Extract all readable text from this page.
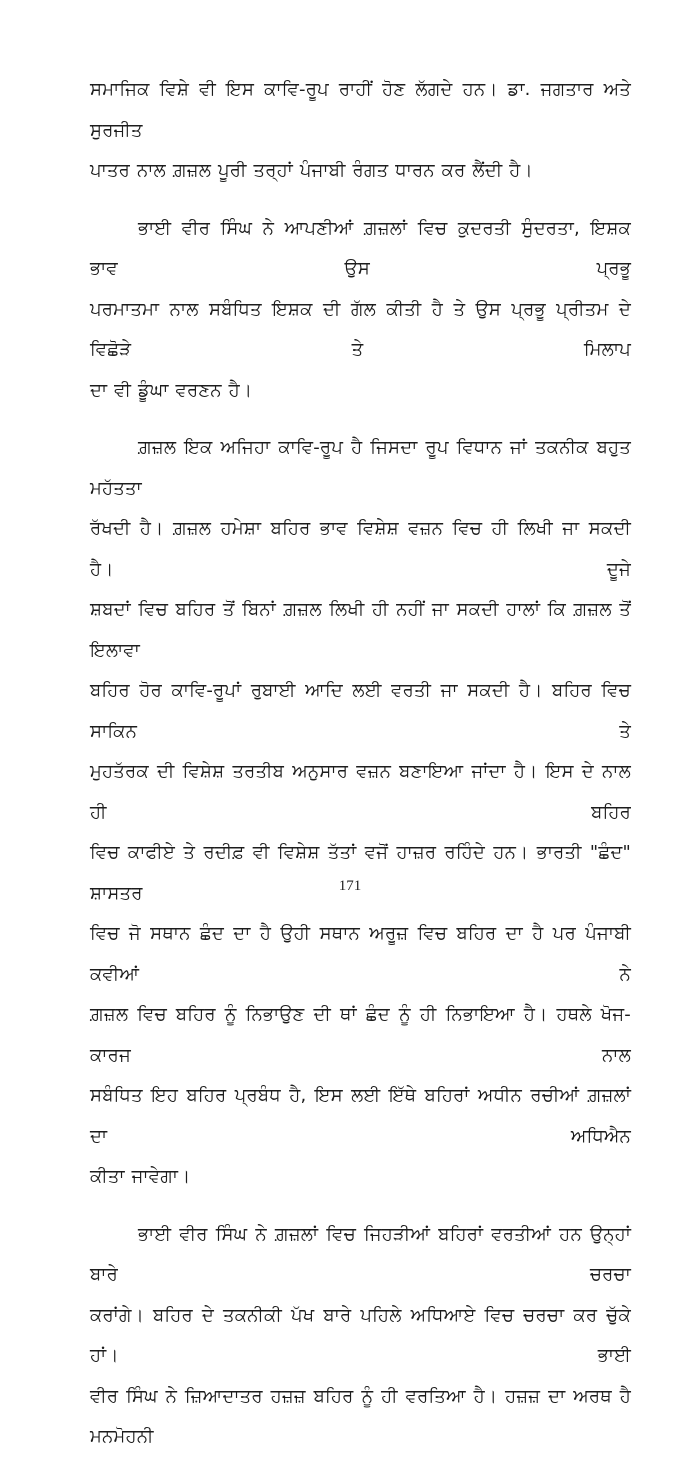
ਸਮਾਜਿਕ ਵਿਸ਼ੇ ਵੀ ਇਸ ਕਾਵਿ-ਰੂਪ ਰਾਹੀਂ ਹੋਣ ਲੱਗਦੇ ਹਨ। ਡਾ. ਜਗਤਾਰ ਅਤੇ ਸੁਰਜੀਤ
ਪਾਤਰ ਨਾਲ ਗ਼ਜ਼ਲ ਪੂਰੀ ਤਰ੍ਹਾਂ ਪੰਜਾਬੀ ਰੰਗਤ ਧਾਰਨ ਕਰ ਲੈਂਦੀ ਹੈ।
ਭਾਈ ਵੀਰ ਸਿੰਘ ਨੇ ਆਪਣੀਆਂ ਗ਼ਜ਼ਲਾਂ ਵਿਚ ਕੁਦਰਤੀ ਸੁੰਦਰਤਾ, ਇਸ਼ਕ ਭਾਵ ਉਸ ਪ੍ਰਭੂ
ਪਰਮਾਤਮਾ ਨਾਲ ਸਬੰਧਿਤ ਇਸ਼ਕ ਦੀ ਗੱਲ ਕੀਤੀ ਹੈ ਤੇ ਉਸ ਪ੍ਰਭੂ ਪ੍ਰੀਤਮ ਦੇ ਵਿਛੋੜੇ ਤੇ ਮਿਲਾਪ
ਦਾ ਵੀ ਡੂੰਘਾ ਵਰਣਨ ਹੈ।
ਗ਼ਜ਼ਲ ਇਕ ਅਜਿਹਾ ਕਾਵਿ-ਰੂਪ ਹੈ ਜਿਸਦਾ ਰੂਪ ਵਿਧਾਨ ਜਾਂ ਤਕਨੀਕ ਬਹੁਤ ਮਹੱਤਤਾ
ਰੱਖਦੀ ਹੈ। ਗ਼ਜ਼ਲ ਹਮੇਸ਼ਾ ਬਹਿਰ ਭਾਵ ਵਿਸ਼ੇਸ਼ ਵਜ਼ਨ ਵਿਚ ਹੀ ਲਿਖੀ ਜਾ ਸਕਦੀ ਹੈ। ਦੂਜੇ
ਸ਼ਬਦਾਂ ਵਿਚ ਬਹਿਰ ਤੋਂ ਬਿਨਾਂ ਗ਼ਜ਼ਲ ਲਿਖੀ ਹੀ ਨਹੀਂ ਜਾ ਸਕਦੀ ਹਾਲਾਂ ਕਿ ਗ਼ਜ਼ਲ ਤੋਂ ਇਲਾਵਾ
ਬਹਿਰ ਹੋਰ ਕਾਵਿ-ਰੂਪਾਂ ਰੁਬਾਈ ਆਦਿ ਲਈ ਵਰਤੀ ਜਾ ਸਕਦੀ ਹੈ। ਬਹਿਰ ਵਿਚ ਸਾਕਿਨ ਤੇ
ਮੁਹਤੱਰਕ ਦੀ ਵਿਸ਼ੇਸ਼ ਤਰਤੀਬ ਅਨੁਸਾਰ ਵਜ਼ਨ ਬਣਾਇਆ ਜਾਂਦਾ ਹੈ। ਇਸ ਦੇ ਨਾਲ ਹੀ ਬਹਿਰ
ਵਿਚ ਕਾਫੀਏ ਤੇ ਰਦੀਫ਼ ਵੀ ਵਿਸ਼ੇਸ਼ ਤੱਤਾਂ ਵਜੋਂ ਹਾਜ਼ਰ ਰਹਿੰਦੇ ਹਨ। ਭਾਰਤੀ "ਛੰਦ" ਸ਼ਾਸਤਰ
ਵਿਚ ਜੋ ਸਥਾਨ ਛੰਦ ਦਾ ਹੈ ਉਹੀ ਸਥਾਨ ਅਰੂਜ਼ ਵਿਚ ਬਹਿਰ ਦਾ ਹੈ ਪਰ ਪੰਜਾਬੀ ਕਵੀਆਂ ਨੇ
ਗ਼ਜ਼ਲ ਵਿਚ ਬਹਿਰ ਨੂੰ ਨਿਭਾਉਣ ਦੀ ਥਾਂ ਛੰਦ ਨੂੰ ਹੀ ਨਿਭਾਇਆ ਹੈ। ਹਥਲੇ ਖੋਜ-ਕਾਰਜ ਨਾਲ
ਸਬੰਧਿਤ ਇਹ ਬਹਿਰ ਪ੍ਰਬੰਧ ਹੈ, ਇਸ ਲਈ ਇੱਥੇ ਬਹਿਰਾਂ ਅਧੀਨ ਰਚੀਆਂ ਗ਼ਜ਼ਲਾਂ ਦਾ ਅਧਿਐਨ
ਕੀਤਾ ਜਾਵੇਗਾ।
ਭਾਈ ਵੀਰ ਸਿੰਘ ਨੇ ਗ਼ਜ਼ਲਾਂ ਵਿਚ ਜਿਹੜੀਆਂ ਬਹਿਰਾਂ ਵਰਤੀਆਂ ਹਨ ਉਨ੍ਹਾਂ ਬਾਰੇ ਚਰਚਾ
ਕਰਾਂਗੇ। ਬਹਿਰ ਦੇ ਤਕਨੀਕੀ ਪੱਖ ਬਾਰੇ ਪਹਿਲੇ ਅਧਿਆਏ ਵਿਚ ਚਰਚਾ ਕਰ ਚੁੱਕੇ ਹਾਂ। ਭਾਈ
ਵੀਰ ਸਿੰਘ ਨੇ ਜ਼ਿਆਦਾਤਰ ਹਜ਼ਜ਼ ਬਹਿਰ ਨੂੰ ਹੀ ਵਰਤਿਆ ਹੈ। ਹਜ਼ਜ਼ ਦਾ ਅਰਥ ਹੈ ਮਨਮੋਹਨੀ
171
